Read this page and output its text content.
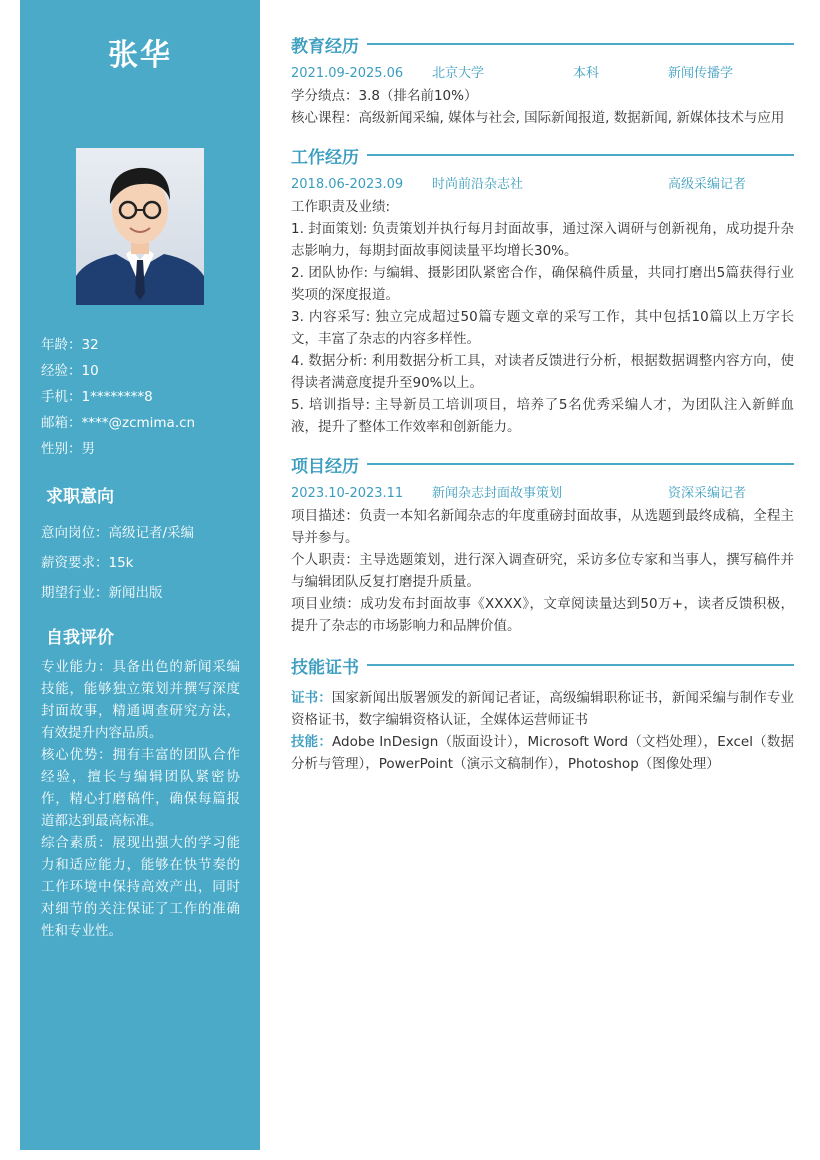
张华
年龄：32
经验：10
手机：1********8
邮箱：****@zcmima.cn
性别：男
求职意向
意向岗位：高级记者/采编
薪资要求：15k
期望行业：新闻出版
自我评价

专业能力：具备出色的新闻采编技能，能够独立策划并撰写深度封面故事，精通调查研究方法，有效提升内容品质。

核心优势：拥有丰富的团队合作经验，擅长与编辑团队紧密协作，精心打磨稿件，确保每篇报道都达到最高标准。

综合素质：展现出强大的学习能力和适应能力，能够在快节奏的工作环境中保持高效产出，同时对细节的关注保证了工作的准确性和专业性。

教育经历
2021.09-2025.06 北京大学	本科	新闻传播学

学分绩点：3.8（排名前10%）

核心课程：高级新闻采编, 媒体与社会, 国际新闻报道, 数据新闻, 新媒体技术与应用

工作经历
2018.06-2023.09 时尚前沿杂志社	高级采编记者

工作职责及业绩:

1. 封面策划: 负责策划并执行每月封面故事，通过深入调研与创新视角，成功提升杂志影响力，每期封面故事阅读量平均增长30%。

2. 团队协作: 与编辑、摄影团队紧密合作，确保稿件质量，共同打磨出5篇获得行业奖项的深度报道。

3. 内容采写: 独立完成超过50篇专题文章的采写工作，其中包括10篇以上万字长文，丰富了杂志的内容多样性。

4. 数据分析: 利用数据分析工具，对读者反馈进行分析，根据数据调整内容方向，使得读者满意度提升至90%以上。

5. 培训指导: 主导新员工培训项目，培养了5名优秀采编人才，为团队注入新鲜血液，提升了整体工作效率和创新能力。

项目经历
2023.10-2023.11 新闻杂志封面故事策划	资深采编记者

项目描述：负责一本知名新闻杂志的年度重磅封面故事，从选题到最终成稿，全程主导并参与。

个人职责：主导选题策划，进行深入调查研究，采访多位专家和当事人，撰写稿件并与编辑团队反复打磨提升质量。

项目业绩：成功发布封面故事《XXXX》，文章阅读量达到50万+，读者反馈积极，提升了杂志的市场影响力和品牌价值。

技能证书

证书：国家新闻出版署颁发的新闻记者证，高级编辑职称证书，新闻采编与制作专业资格证书，数字编辑资格认证，全媒体运营师证书

技能：Adobe InDesign（版面设计），Microsoft Word（文档处理），Excel（数据分析与管理），PowerPoint（演示文稿制作），Photoshop（图像处理）
